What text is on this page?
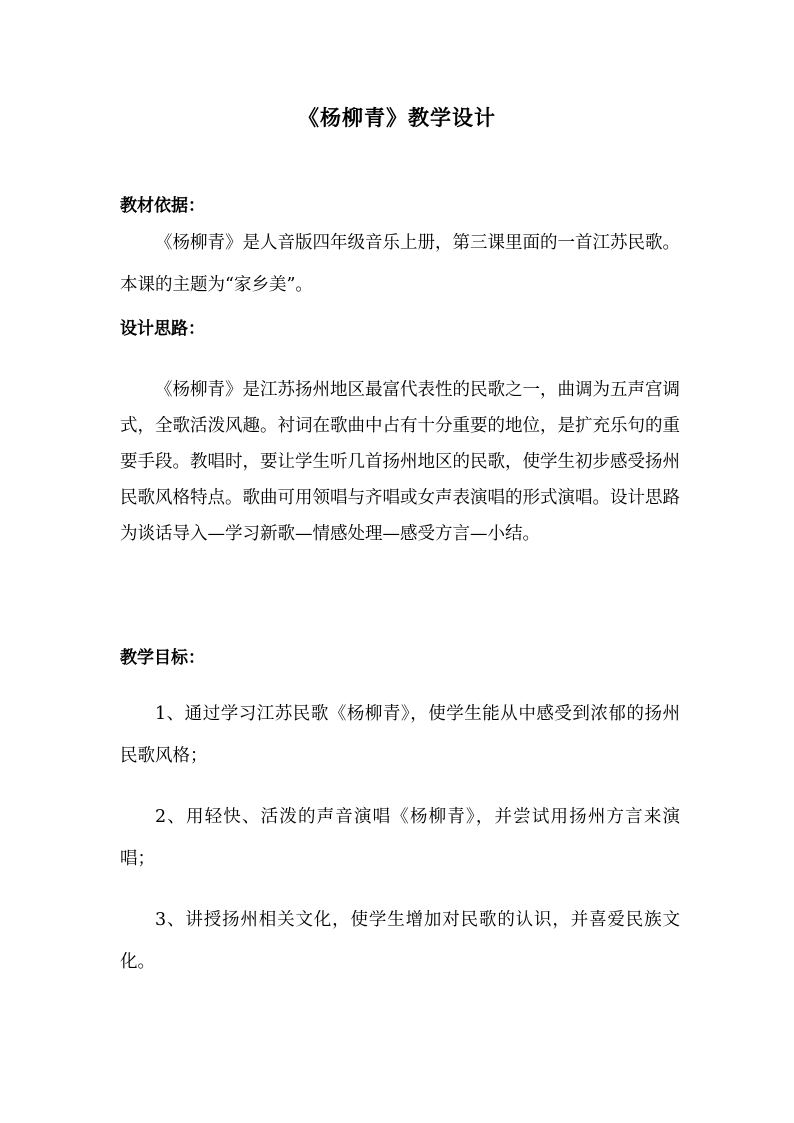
《杨柳青》教学设计
教材依据：

《杨柳青》是人音版四年级音乐上册，第三课里面的一首江苏民歌。本课的主题为“家乡美”。

设计思路：

《杨柳青》是江苏扬州地区最富代表性的民歌之一，曲调为五声宫调式，全歌活泼风趣。衬词在歌曲中占有十分重要的地位，是扩充乐句的重要手段。教唱时，要让学生听几首扬州地区的民歌，使学生初步感受扬州民歌风格特点。歌曲可用领唱与齐唱或女声表演唱的形式演唱。设计思路为谈话导入—学习新歌—情感处理—感受方言—小结。

教学目标：

1、通过学习江苏民歌《杨柳青》，使学生能从中感受到浓郁的扬州民歌风格；

2、用轻快、活泼的声音演唱《杨柳青》，并尝试用扬州方言来演唱；

3、讲授扬州相关文化，使学生增加对民歌的认识，并喜爱民族文化。
